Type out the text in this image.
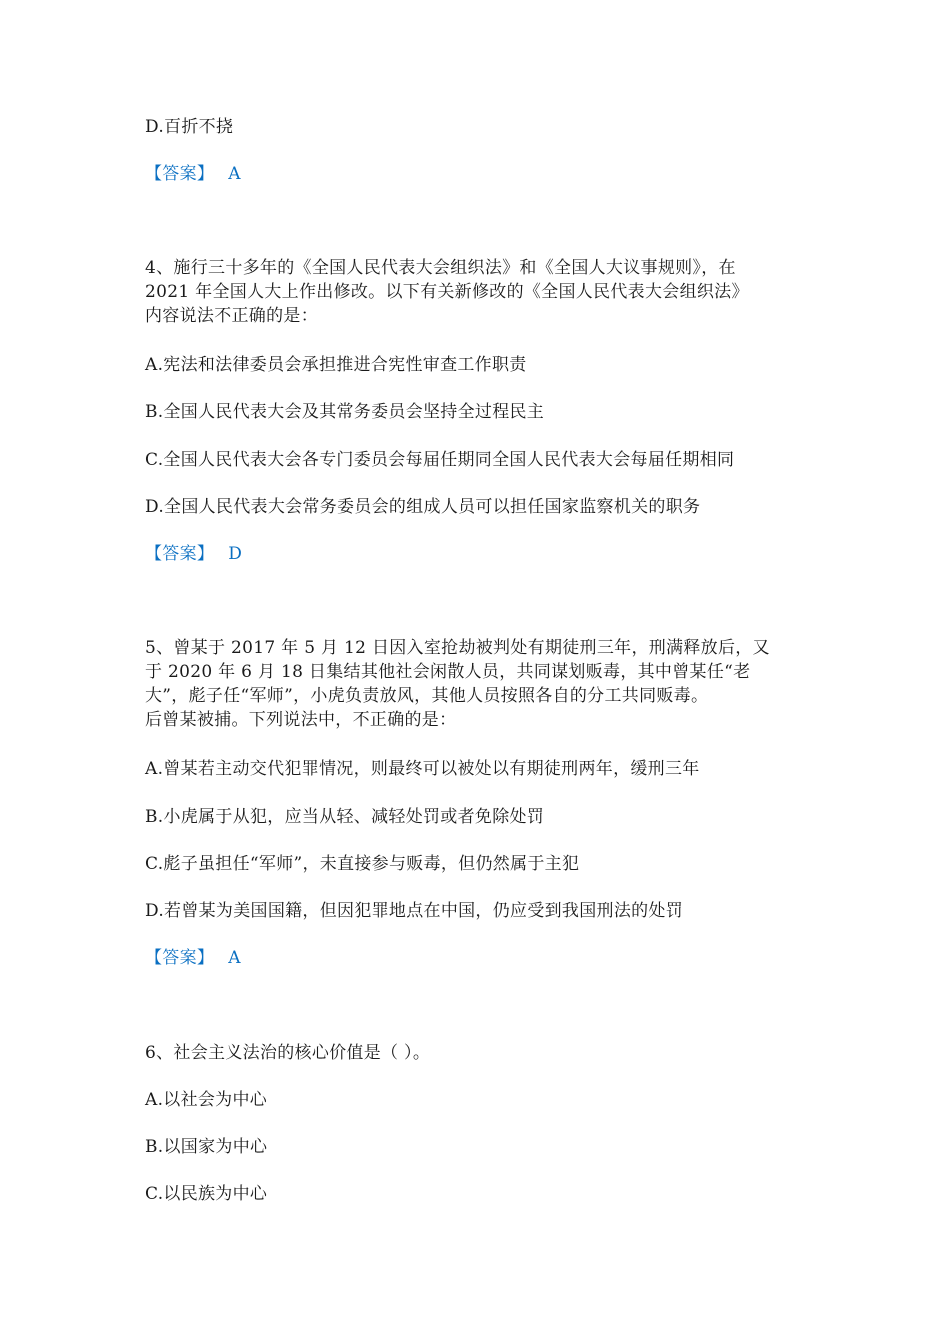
D.百折不挠
【答案】 A
4、施行三十多年的《全国人民代表大会组织法》和《全国人大议事规则》，在
2021 年全国人大上作出修改。以下有关新修改的《全国人民代表大会组织法》
内容说法不正确的是：
A.宪法和法律委员会承担推进合宪性审查工作职责
B.全国人民代表大会及其常务委员会坚持全过程民主
C.全国人民代表大会各专门委员会每届任期同全国人民代表大会每届任期相同
D.全国人民代表大会常务委员会的组成人员可以担任国家监察机关的职务
【答案】 D
5、曾某于 2017 年 5 月 12 日因入室抢劫被判处有期徒刑三年，刑满释放后，又
于 2020 年 6 月 18 日集结其他社会闲散人员，共同谋划贩毒，其中曾某任“老
大”，彪子任“军师”，小虎负责放风，其他人员按照各自的分工共同贩毒。
后曾某被捕。下列说法中，不正确的是：
A.曾某若主动交代犯罪情况，则最终可以被处以有期徒刑两年，缓刑三年
B.小虎属于从犯，应当从轻、减轻处罚或者免除处罚
C.彪子虽担任“军师”，未直接参与贩毒，但仍然属于主犯
D.若曾某为美国国籍，但因犯罪地点在中国，仍应受到我国刑法的处罚
【答案】 A
6、社会主义法治的核心价值是（ ）。
A.以社会为中心
B.以国家为中心
C.以民族为中心
